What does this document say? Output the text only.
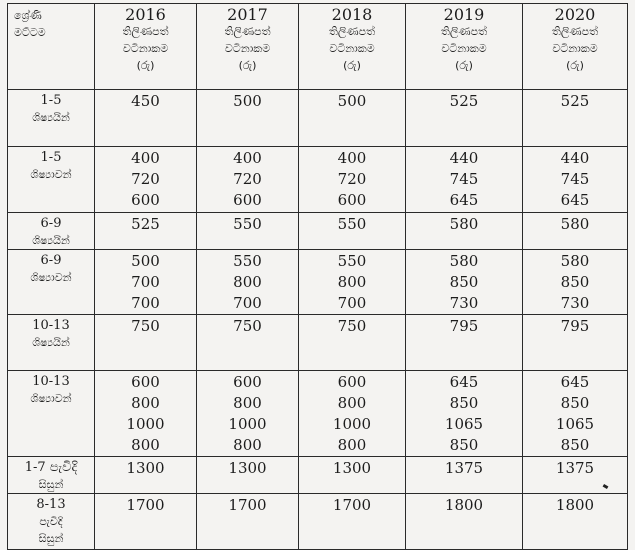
ශ්‍රේණි
මට්ටම	2016
තිලිණපත්
වටිනාකම
(රු)	2017
තිලිණපත්
වටිනාකම
(රු)	2018
තිලිණපත්
වටිනාකම
(රු)	2019
තිලිණපත්
වටිනාකම
(රු)	2020
තිලිණපත්
වටිනාකම
(රු)

1-5
ශිෂ්‍යයින්	450	500	500	525	525

1-5
ශිෂ්‍යාවන්	400
720
600	400
720
600	400
720
600	440
745
645	440
745
645

6-9
ශිෂ්‍යයින්	525	550	550	580	580

6-9
ශිෂ්‍යාවන්	500
700
700	550
800
700	550
800
700	580
850
730	580
850
730

10-13
ශිෂ්‍යයින්	750	750	750	795	795

10-13
ශිෂ්‍යාවන්	600
800
1000
800	600
800
1000
800	600
800
1000
800	645
850
1065
850	645
850
1065
850

1-7 පැවිදි
සිසුන්	1300	1300	1300	1375	1375

8-13
පැවිදි
සිසුන්	1700	1700	1700	1800	1800
